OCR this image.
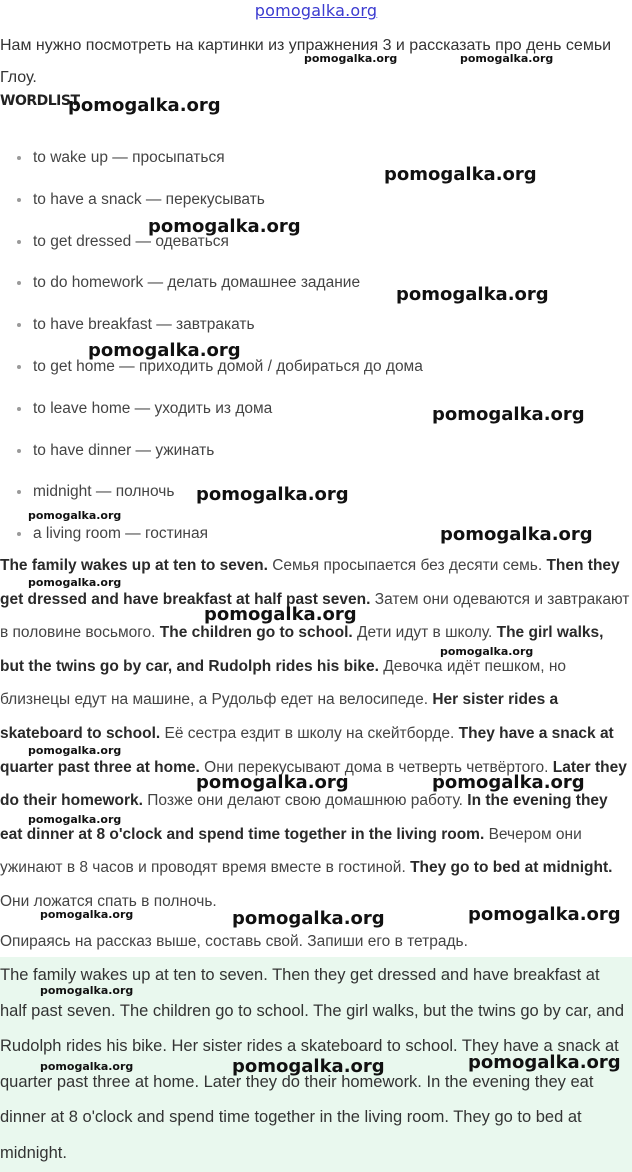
pomogalka.org
Нам нужно посмотреть на картинки из упражнения 3 и рассказать про день семьи Глоу.
WORDLIST
to wake up — просыпаться
to have a snack — перекусывать
to get dressed — одеваться
to do homework — делать домашнее задание
to have breakfast — завтракать
to get home — приходить домой / добираться до дома
to leave home — уходить из дома
to have dinner — ужинать
midnight — полночь
a living room — гостиная
The family wakes up at ten to seven. Семья просыпается без десяти семь. Then they get dressed and have breakfast at half past seven. Затем они одеваются и завтракают в половине восьмого. The children go to school. Дети идут в школу. The girl walks, but the twins go by car, and Rudolph rides his bike. Девочка идёт пешком, но близнецы едут на машине, а Рудольф едет на велосипеде. Her sister rides a skateboard to school. Её сестра ездит в школу на скейтборде. They have a snack at quarter past three at home. Они перекусывают дома в четверть четвёртого. Later they do their homework. Позже они делают свою домашнюю работу. In the evening they eat dinner at 8 o'clock and spend time together in the living room. Вечером они ужинают в 8 часов и проводят время вместе в гостиной. They go to bed at midnight. Они ложатся спать в полночь.
Опираясь на рассказ выше, составь свой. Запиши его в тетрадь.
The family wakes up at ten to seven. Then they get dressed and have breakfast at half past seven. The children go to school. The girl walks, but the twins go by car, and Rudolph rides his bike. Her sister rides a skateboard to school. They have a snack at quarter past three at home. Later they do their homework. In the evening they eat dinner at 8 o'clock and spend time together in the living room. They go to bed at midnight.
pomogalka.org
pomogalka.org	pomogalka.org
pomogalka.org
pomogalka.org
pomogalka.org
pomogalka.org
pomogalka.org
pomogalka.org
pomogalka.org
pomogalka.org
pomogalka.org
pomogalka.org
pomogalka.org
pomogalka.org
pomogalka.org	pomogalka.org
pomogalka.org
pomogalka.org	pomogalka.org	pomogalka.org
pomogalka.org
pomogalka.org	pomogalka.org	pomogalka.org
